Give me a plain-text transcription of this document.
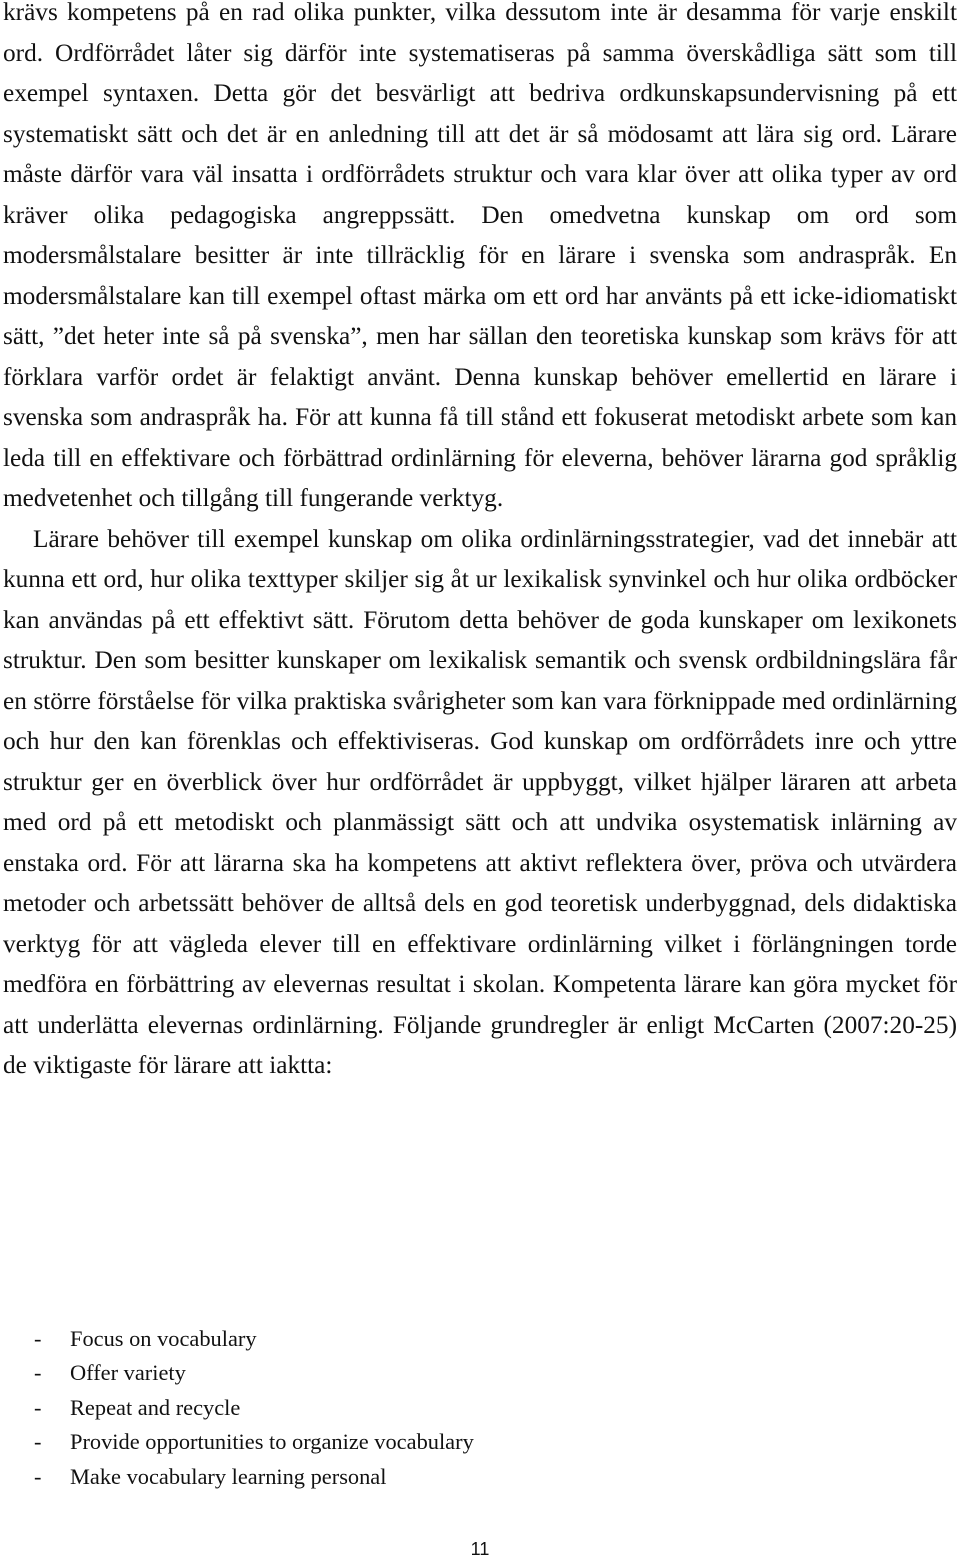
krävs kompetens på en rad olika punkter, vilka dessutom inte är desamma för varje enskilt ord. Ordförrådet låter sig därför inte systematiseras på samma överskådliga sätt som till exempel syntaxen. Detta gör det besvärligt att bedriva ordkunskapsundervisning på ett systematiskt sätt och det är en anledning till att det är så mödosamt att lära sig ord. Lärare måste därför vara väl insatta i ordförrådets struktur och vara klar över att olika typer av ord kräver olika pedagogiska angreppssätt. Den omedvetna kunskap om ord som modersmålstalare besitter är inte tillräcklig för en lärare i svenska som andraspråk. En modersmålstalare kan till exempel oftast märka om ett ord har använts på ett icke-idiomatiskt sätt, ”det heter inte så på svenska”, men har sällan den teoretiska kunskap som krävs för att förklara varför ordet är felaktigt använt. Denna kunskap behöver emellertid en lärare i svenska som andraspråk ha. För att kunna få till stånd ett fokuserat metodiskt arbete som kan leda till en effektivare och förbättrad ordinlärning för eleverna, behöver lärarna god språklig medvetenhet och tillgång till fungerande verktyg.

Lärare behöver till exempel kunskap om olika ordinlärningsstrategier, vad det innebär att kunna ett ord, hur olika texttyper skiljer sig åt ur lexikalisk synvinkel och hur olika ordböcker kan användas på ett effektivt sätt. Förutom detta behöver de goda kunskaper om lexikonets struktur. Den som besitter kunskaper om lexikalisk semantik och svensk ordbildningslära får en större förståelse för vilka praktiska svårigheter som kan vara förknippade med ordinlärning och hur den kan förenklas och effektiviseras. God kunskap om ordförrådets inre och yttre struktur ger en överblick över hur ordförrådet är uppbyggt, vilket hjälper läraren att arbeta med ord på ett metodiskt och planmässigt sätt och att undvika osystematisk inlärning av enstaka ord. För att lärarna ska ha kompetens att aktivt reflektera över, pröva och utvärdera metoder och arbetssätt behöver de alltså dels en god teoretisk underbyggnad, dels didaktiska verktyg för att vägleda elever till en effektivare ordinlärning vilket i förlängningen torde medföra en förbättring av elevernas resultat i skolan. Kompetenta lärare kan göra mycket för att underlätta elevernas ordinlärning. Följande grundregler är enligt McCarten (2007:20-25) de viktigaste för lärare att iaktta:

- Focus on vocabulary
- Offer variety
- Repeat and recycle
- Provide opportunities to organize vocabulary
- Make vocabulary learning personal
11
